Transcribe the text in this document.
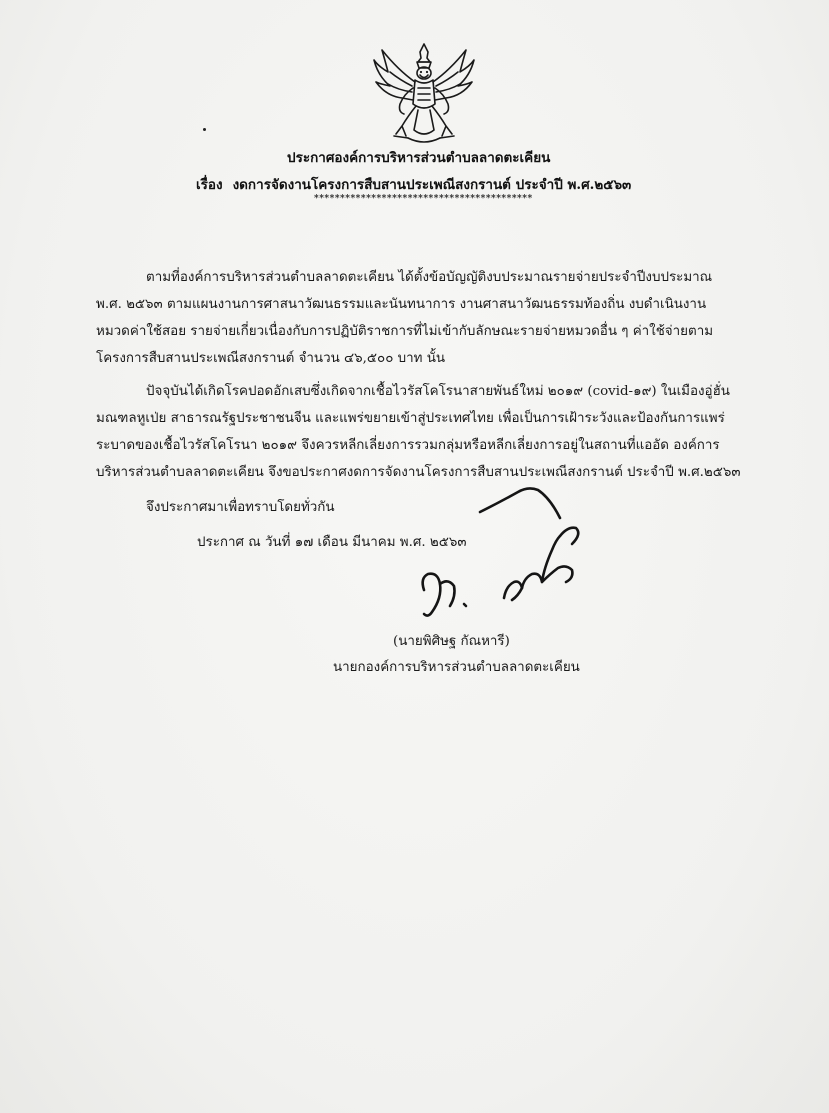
ประกาศองค์การบริหารส่วนตำบลลาดตะเคียน
เรื่อง งดการจัดงานโครงการสืบสานประเพณีสงกรานต์ ประจำปี พ.ศ.๒๕๖๓
******************************************
ตามที่องค์การบริหารส่วนตำบลลาดตะเคียน ได้ตั้งข้อบัญญัติงบประมาณรายจ่ายประจำปีงบประมาณ
พ.ศ. ๒๕๖๓ ตามแผนงานการศาสนาวัฒนธรรมและนันทนาการ งานศาสนาวัฒนธรรมท้องถิ่น งบดำเนินงาน
หมวดค่าใช้สอย รายจ่ายเกี่ยวเนื่องกับการปฏิบัติราชการที่ไม่เข้ากับลักษณะรายจ่ายหมวดอื่น ๆ ค่าใช้จ่ายตาม
โครงการสืบสานประเพณีสงกรานต์ จำนวน ๔๖,๕๐๐ บาท นั้น
ปัจจุบันได้เกิดโรคปอดอักเสบซึ่งเกิดจากเชื้อไวรัสโคโรนาสายพันธ์ใหม่ ๒๐๑๙ (covid-๑๙) ในเมืองอู่ฮั่น
มณฑลหูเป่ย สาธารณรัฐประชาชนจีน และแพร่ขยายเข้าสู่ประเทศไทย เพื่อเป็นการเฝ้าระวังและป้องกันการแพร่
ระบาดของเชื้อไวรัสโคโรนา ๒๐๑๙ จึงควรหลีกเลี่ยงการรวมกลุ่มหรือหลีกเลี่ยงการอยู่ในสถานที่แออัด องค์การ
บริหารส่วนตำบลลาดตะเคียน จึงขอประกาศงดการจัดงานโครงการสืบสานประเพณีสงกรานต์ ประจำปี พ.ศ.๒๕๖๓
จึงประกาศมาเพื่อทราบโดยทั่วกัน
ประกาศ ณ วันที่ ๑๗ เดือน มีนาคม พ.ศ. ๒๕๖๓
(นายพิศิษฐ กัณหารี)
นายกองค์การบริหารส่วนตำบลลาดตะเคียน
